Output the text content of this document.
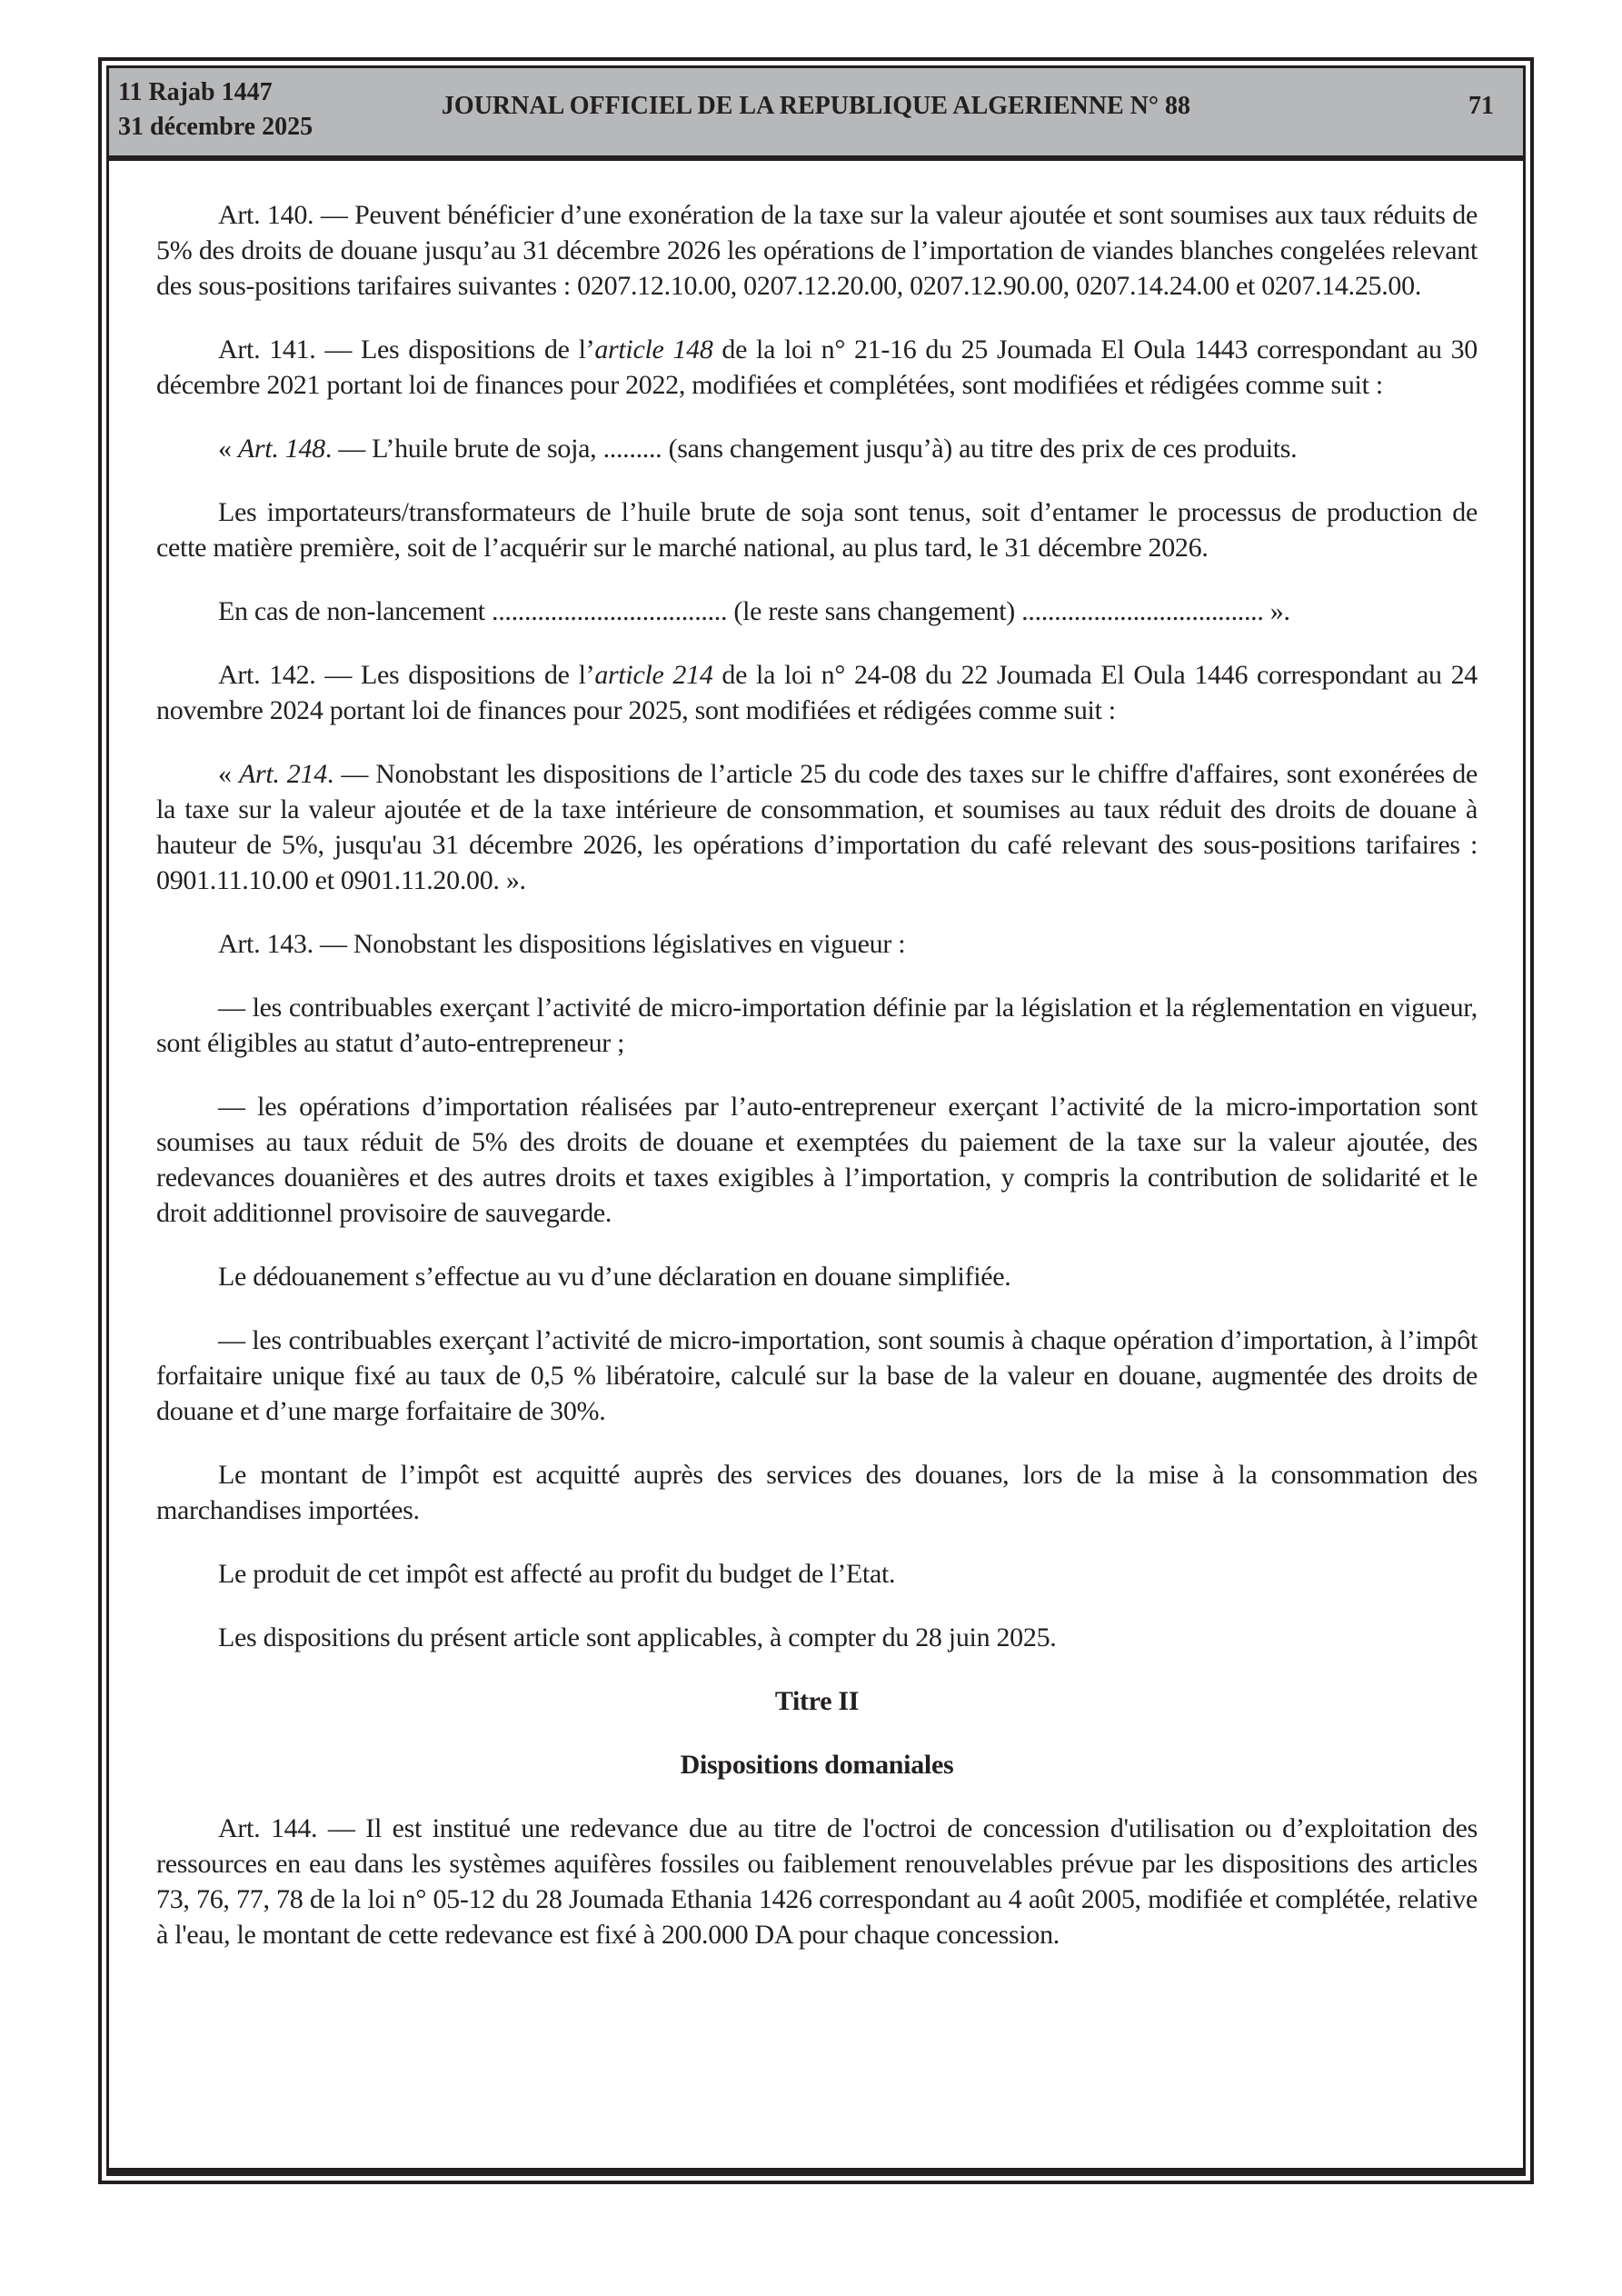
11 Rajab 1447
31 décembre 2025
JOURNAL OFFICIEL DE LA REPUBLIQUE ALGERIENNE N° 88	71

Art. 140. — Peuvent bénéficier d’une exonération de la taxe sur la valeur ajoutée et sont soumises aux taux réduits de 5% des droits de douane jusqu’au 31 décembre 2026 les opérations de l’importation de viandes blanches congelées relevant des sous-positions tarifaires suivantes : 0207.12.10.00, 0207.12.20.00, 0207.12.90.00, 0207.14.24.00 et 0207.14.25.00.

Art. 141. — Les dispositions de l’article 148 de la loi n° 21-16 du 25 Joumada El Oula 1443 correspondant au 30 décembre 2021 portant loi de finances pour 2022, modifiées et complétées, sont modifiées et rédigées comme suit :

« Art. 148. — L’huile brute de soja, ......... (sans changement jusqu’à) au titre des prix de ces produits.

Les importateurs/transformateurs de l’huile brute de soja sont tenus, soit d’entamer le processus de production de cette matière première, soit de l’acquérir sur le marché national, au plus tard, le 31 décembre 2026.

En cas de non-lancement .................................... (le reste sans changement) ..................................... ».

Art. 142. — Les dispositions de l’article 214 de la loi n° 24-08 du 22 Joumada El Oula 1446 correspondant au 24 novembre 2024 portant loi de finances pour 2025, sont modifiées et rédigées comme suit :

« Art. 214. — Nonobstant les dispositions de l’article 25 du code des taxes sur le chiffre d'affaires, sont exonérées de la taxe sur la valeur ajoutée et de la taxe intérieure de consommation, et soumises au taux réduit des droits de douane à hauteur de 5%, jusqu'au 31 décembre 2026, les opérations d’importation du café relevant des sous-positions tarifaires : 0901.11.10.00 et 0901.11.20.00. ».

Art. 143. — Nonobstant les dispositions législatives en vigueur :

— les contribuables exerçant l’activité de micro-importation définie par la législation et la réglementation en vigueur, sont éligibles au statut d’auto-entrepreneur ;

— les opérations d’importation réalisées par l’auto-entrepreneur exerçant l’activité de la micro-importation sont soumises au taux réduit de 5% des droits de douane et exemptées du paiement de la taxe sur la valeur ajoutée, des redevances douanières et des autres droits et taxes exigibles à l’importation, y compris la contribution de solidarité et le droit additionnel provisoire de sauvegarde.

Le dédouanement s’effectue au vu d’une déclaration en douane simplifiée.

— les contribuables exerçant l’activité de micro-importation, sont soumis à chaque opération d’importation, à l’impôt forfaitaire unique fixé au taux de 0,5 % libératoire, calculé sur la base de la valeur en douane, augmentée des droits de douane et d’une marge forfaitaire de 30%.

Le montant de l’impôt est acquitté auprès des services des douanes, lors de la mise à la consommation des marchandises importées.

Le produit de cet impôt est affecté au profit du budget de l’Etat.

Les dispositions du présent article sont applicables, à compter du 28 juin 2025.

Titre II
Dispositions domaniales

Art. 144. — Il est institué une redevance due au titre de l'octroi de concession d'utilisation ou d’exploitation des ressources en eau dans les systèmes aquifères fossiles ou faiblement renouvelables prévue par les dispositions des articles 73, 76, 77, 78 de la loi n° 05-12 du 28 Joumada Ethania 1426 correspondant au 4 août 2005, modifiée et complétée, relative à l'eau, le montant de cette redevance est fixé à 200.000 DA pour chaque concession.
